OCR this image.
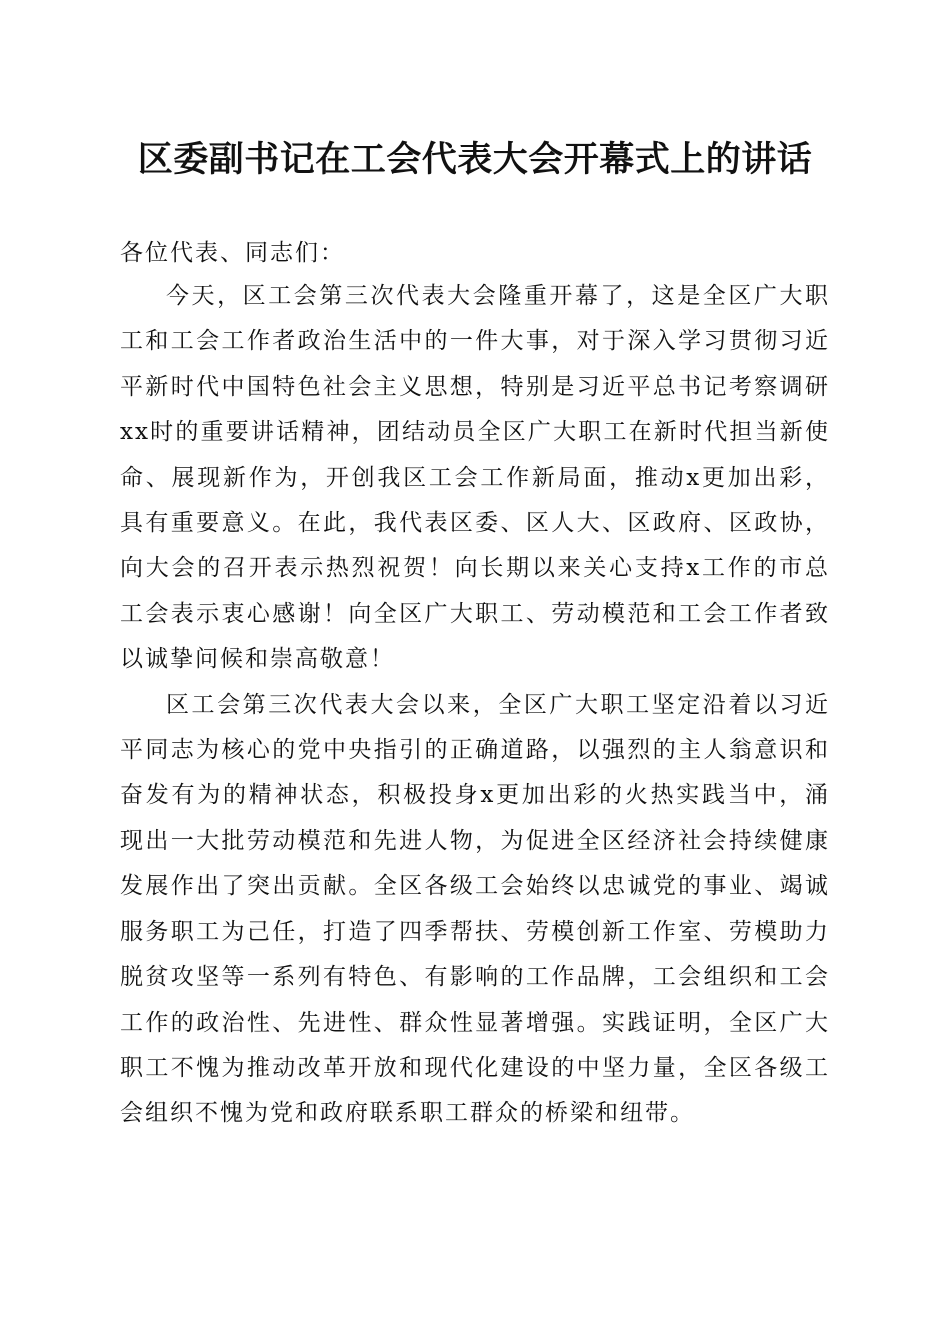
区委副书记在工会代表大会开幕式上的讲话

各位代表、同志们：

今天，区工会第三次代表大会隆重开幕了，这是全区广大职工和工会工作者政治生活中的一件大事，对于深入学习贯彻习近平新时代中国特色社会主义思想，特别是习近平总书记考察调研xx时的重要讲话精神，团结动员全区广大职工在新时代担当新使命、展现新作为，开创我区工会工作新局面，推动x更加出彩，具有重要意义。在此，我代表区委、区人大、区政府、区政协，向大会的召开表示热烈祝贺！向长期以来关心支持x工作的市总工会表示衷心感谢！向全区广大职工、劳动模范和工会工作者致以诚挚问候和崇高敬意！

区工会第三次代表大会以来，全区广大职工坚定沿着以习近平同志为核心的党中央指引的正确道路，以强烈的主人翁意识和奋发有为的精神状态，积极投身x更加出彩的火热实践当中，涌现出一大批劳动模范和先进人物，为促进全区经济社会持续健康发展作出了突出贡献。全区各级工会始终以忠诚党的事业、竭诚服务职工为己任，打造了四季帮扶、劳模创新工作室、劳模助力脱贫攻坚等一系列有特色、有影响的工作品牌，工会组织和工会工作的政治性、先进性、群众性显著增强。实践证明，全区广大职工不愧为推动改革开放和现代化建设的中坚力量，全区各级工会组织不愧为党和政府联系职工群众的桥梁和纽带。
